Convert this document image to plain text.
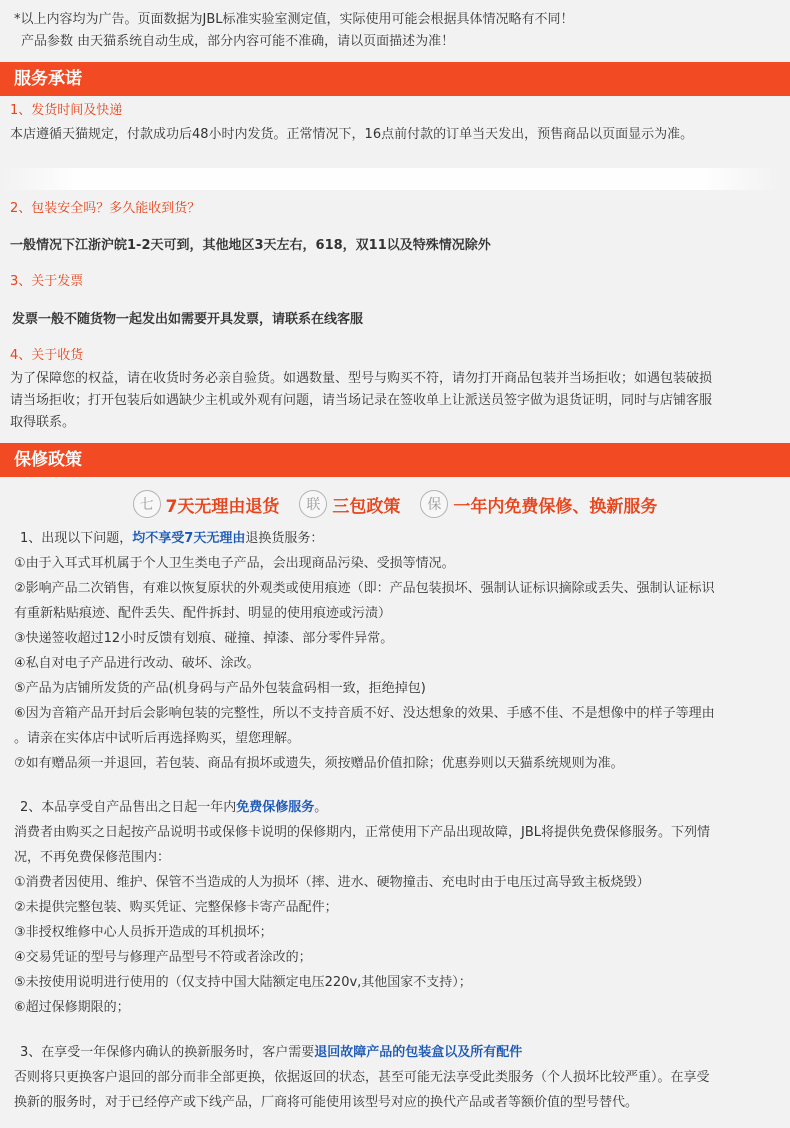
*以上内容均为广告。页面数据为JBL标准实验室测定值，实际使用可能会根据具体情况略有不同！

产品参数 由天猫系统自动生成，部分内容可能不准确，请以页面描述为准！

服务承诺
1、发货时间及快递
本店遵循天猫规定，付款成功后48小时内发货。正常情况下，16点前付款的订单当天发出，预售商品以页面显示为准。
2、包装安全吗？多久能收到货？
一般情况下江浙沪皖1-2天可到，其他地区3天左右，618，双11以及特殊情况除外
3、关于发票
发票一般不随货物一起发出如需要开具发票，请联系在线客服
4、关于收货
为了保障您的权益，请在收货时务必亲自验货。如遇数量、型号与购买不符，请勿打开商品包装并当场拒收；如遇包装破损
请当场拒收；打开包装后如遇缺少主机或外观有问题，请当场记录在签收单上让派送员签字做为退货证明，同时与店铺客服
取得联系。
保修政策
七 7天无理由退货	联 三包政策	保 一年内免费保修、换新服务
1、出现以下问题，均不享受7天无理由退换货服务：
①由于入耳式耳机属于个人卫生类电子产品，会出现商品污染、受损等情况。
②影响产品二次销售，有难以恢复原状的外观类或使用痕迹（即：产品包装损坏、强制认证标识摘除或丢失、强制认证标识
有重新粘贴痕迹、配件丢失、配件拆封、明显的使用痕迹或污渍）
③快递签收超过12小时反馈有划痕、碰撞、掉漆、部分零件异常。
④私自对电子产品进行改动、破坏、涂改。
⑤产品为店铺所发货的产品(机身码与产品外包装盒码相一致，拒绝掉包)
⑥因为音箱产品开封后会影响包装的完整性，所以不支持音质不好、没达想象的效果、手感不佳、不是想像中的样子等理由
。请亲在实体店中试听后再选择购买，望您理解。
⑦如有赠品须一并退回，若包装、商品有损坏或遗失，须按赠品价值扣除；优惠券则以天猫系统规则为准。
2、本品享受自产品售出之日起一年内免费保修服务。
消费者由购买之日起按产品说明书或保修卡说明的保修期内，正常使用下产品出现故障，JBL将提供免费保修服务。下列情
况，不再免费保修范围内：
①消费者因使用、维护、保管不当造成的人为损坏（摔、进水、硬物撞击、充电时由于电压过高导致主板烧毁）
②未提供完整包装、购买凭证、完整保修卡寄产品配件；
③非授权维修中心人员拆开造成的耳机损坏；
④交易凭证的型号与修理产品型号不符或者涂改的；
⑤未按使用说明进行使用的（仅支持中国大陆额定电压220v,其他国家不支持）；
⑥超过保修期限的；
3、在享受一年保修内确认的换新服务时，客户需要退回故障产品的包装盒以及所有配件
否则将只更换客户退回的部分而非全部更换，依据返回的状态，甚至可能无法享受此类服务（个人损坏比较严重）。在享受
换新的服务时，对于已经停产或下线产品，厂商将可能使用该型号对应的换代产品或者等额价值的型号替代。
